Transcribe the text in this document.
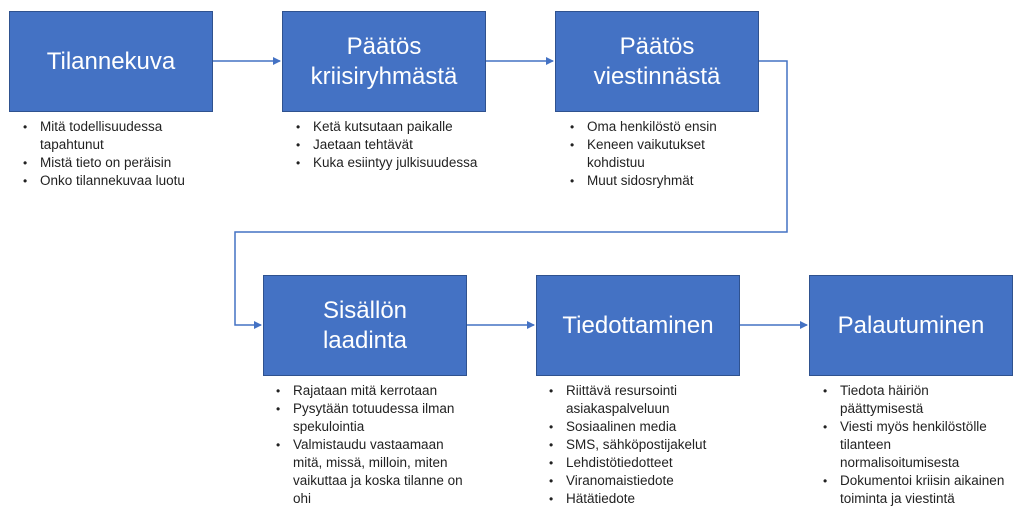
Tilannekuva
Päätös
kriisiryhmästä
Päätös
viestinnästä
Sisällön
laadinta
Tiedottaminen	Palautuminen
• Mitä todellisuudessa tapahtunut
• Mistä tieto on peräisin
• Onko tilannekuvaa luotu
• Ketä kutsutaan paikalle
• Jaetaan tehtävät
• Kuka esiintyy julkisuudessa
• Oma henkilöstö ensin
• Keneen vaikutukset kohdistuu
• Muut sidosryhmät
• Rajataan mitä kerrotaan
• Pysytään totuudessa ilman spekulointia
• Valmistaudu vastaamaan mitä, missä, milloin, miten vaikuttaa ja koska tilanne on ohi
• Riittävä resursointi asiakaspalveluun
• Sosiaalinen media
• SMS, sähköpostijakelut
• Lehdistötiedotteet
• Viranomaistiedote
• Hätätiedote
• Tiedota häiriön päättymisestä
• Viesti myös henkilöstölle tilanteen normalisoitumisesta
• Dokumentoi kriisin aikainen toiminta ja viestintä
